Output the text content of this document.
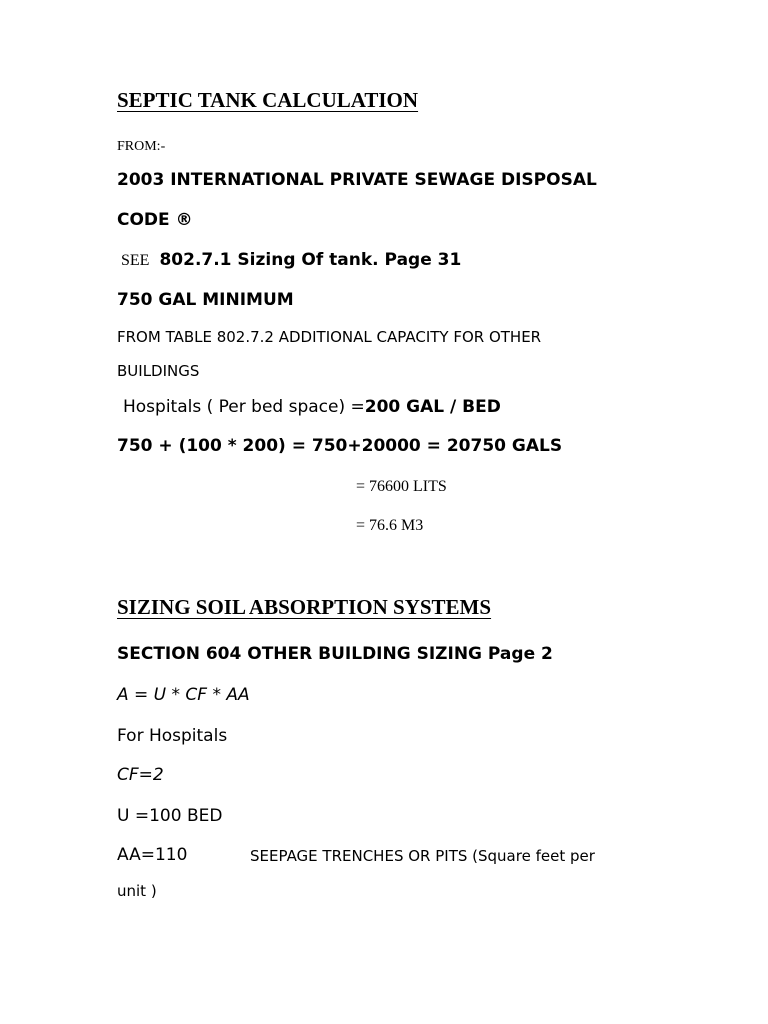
SEPTIC TANK CALCULATION
FROM:-
2003 INTERNATIONAL PRIVATE SEWAGE DISPOSAL
CODE ®
SEE 802.7.1 Sizing Of tank. Page 31
750 GAL MINIMUM
FROM TABLE 802.7.2 ADDITIONAL CAPACITY FOR OTHER
BUILDINGS
Hospitals ( Per bed space) =200 GAL / BED
750 + (100 * 200) = 750+20000 = 20750 GALS
= 76600 LITS
= 76.6 M3
SIZING SOIL ABSORPTION SYSTEMS
SECTION 604 OTHER BUILDING SIZING Page 2
A = U * CF * AA
For Hospitals
CF=2
U =100 BED
AA=110	SEEPAGE TRENCHES OR PITS (Square feet per
unit )
